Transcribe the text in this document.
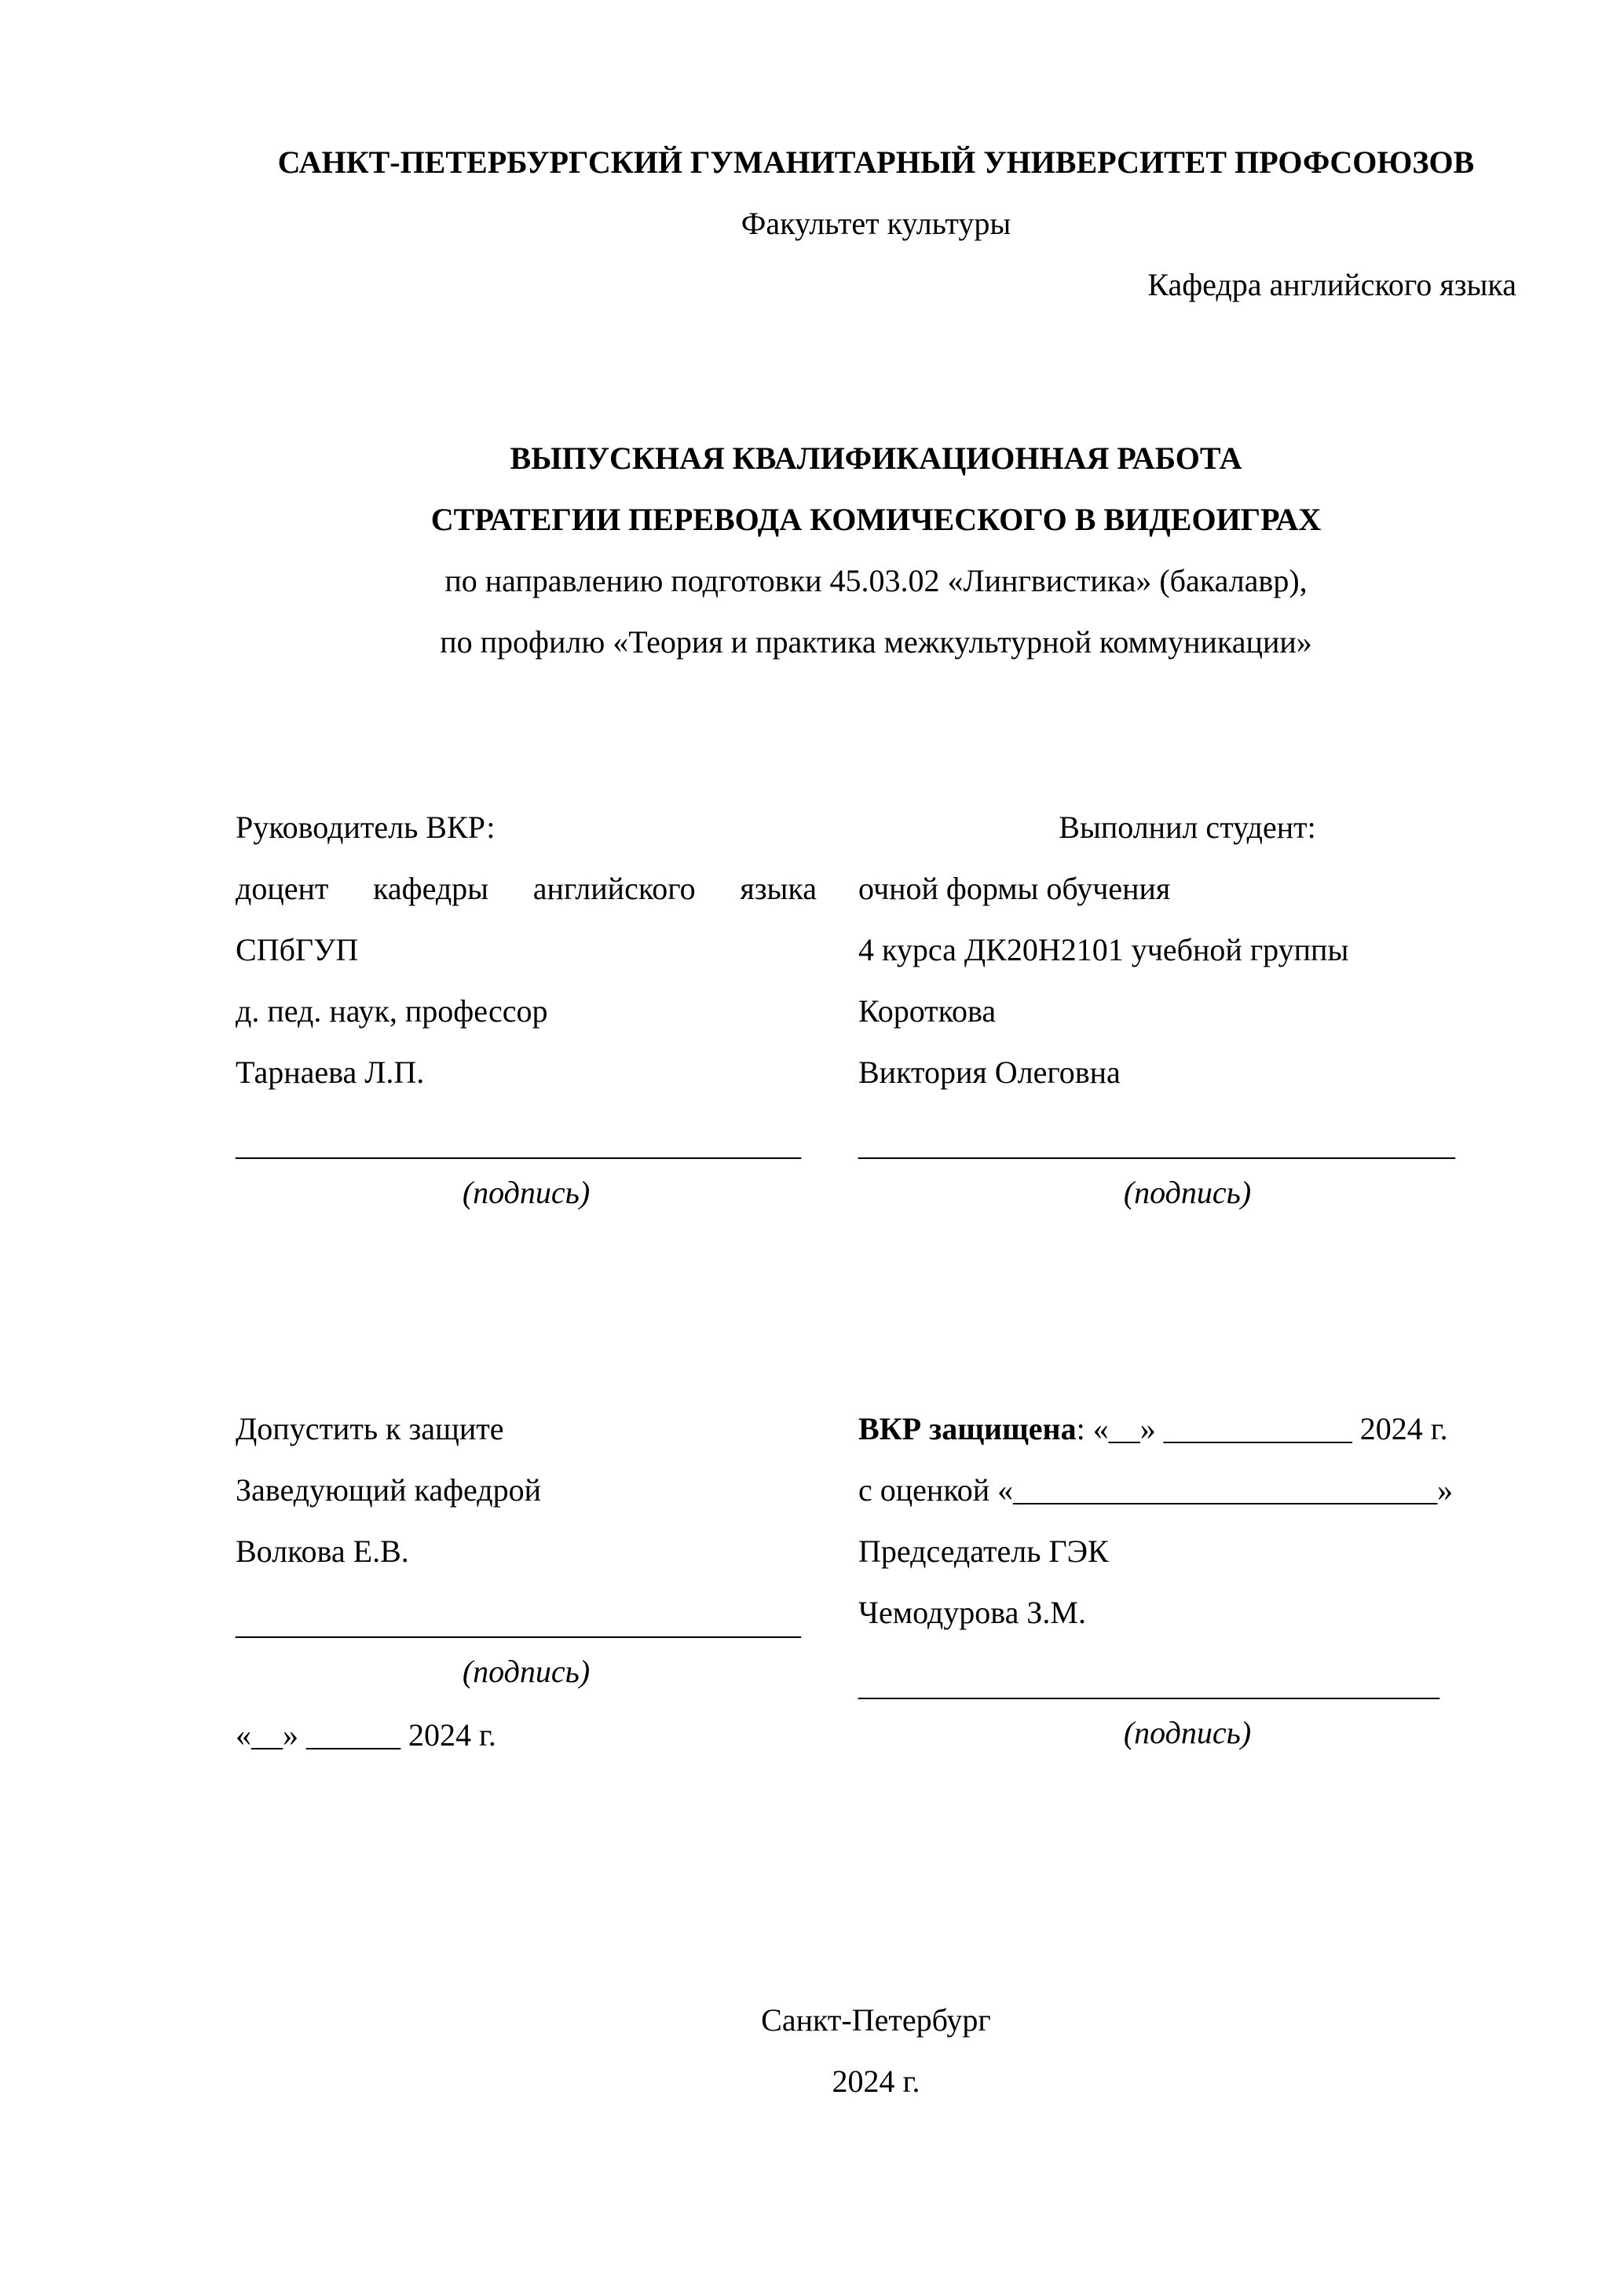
САНКТ-ПЕТЕРБУРГСКИЙ ГУМАНИТАРНЫЙ УНИВЕРСИТЕТ ПРОФСОЮЗОВ
Факультет культуры
Кафедра английского языка
ВЫПУСКНАЯ КВАЛИФИКАЦИОННАЯ РАБОТА
СТРАТЕГИИ ПЕРЕВОДА КОМИЧЕСКОГО В ВИДЕОИГРАХ
по направлению подготовки 45.03.02 «Лингвистика» (бакалавр),
по профилю «Теория и практика межкультурной коммуникации»
Руководитель ВКР:
доцент кафедры английского языка
СПбГУП
д. пед. наук, профессор
Тарнаева Л.П.
____________________________________
(подпись)
Выполнил студент:
очной формы обучения
4 курса ДК20Н2101 учебной группы
Короткова
Виктория Олеговна
______________________________________
(подпись)
Допустить к защите
Заведующий кафедрой
Волкова Е.В.
____________________________________
(подпись)
«__» ______ 2024 г.
ВКР защищена: «__» ____________ 2024 г.
с оценкой «___________________________»
Председатель ГЭК
Чемодурова З.М.
_____________________________________
(подпись)
Санкт-Петербург
2024 г.
